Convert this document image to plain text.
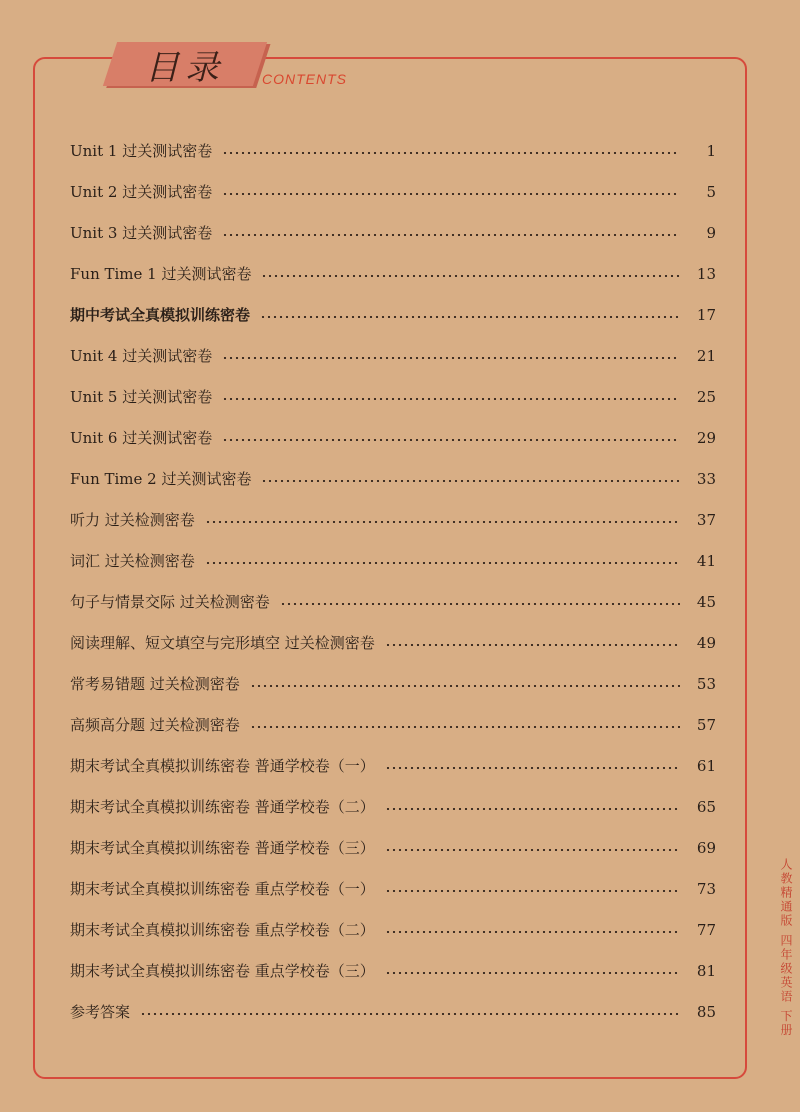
目录	CONTENTS
Unit 1 过关测试密卷	1
Unit 2 过关测试密卷	5
Unit 3 过关测试密卷	9
Fun Time 1 过关测试密卷	13
期中考试全真模拟训练密卷	17
Unit 4 过关测试密卷	21
Unit 5 过关测试密卷	25
Unit 6 过关测试密卷	29
Fun Time 2 过关测试密卷	33
听力 过关检测密卷	37
词汇 过关检测密卷	41
句子与情景交际 过关检测密卷	45
阅读理解、短文填空与完形填空 过关检测密卷	49
常考易错题 过关检测密卷	53
高频高分题 过关检测密卷	57
期末考试全真模拟训练密卷 普通学校卷（一）	61
期末考试全真模拟训练密卷 普通学校卷（二）	65
期末考试全真模拟训练密卷 普通学校卷（三）	69
期末考试全真模拟训练密卷 重点学校卷（一）	73
期末考试全真模拟训练密卷 重点学校卷（二）	77
期末考试全真模拟训练密卷 重点学校卷（三）	81
参考答案	85	人教精通版 四年级英语 下册
